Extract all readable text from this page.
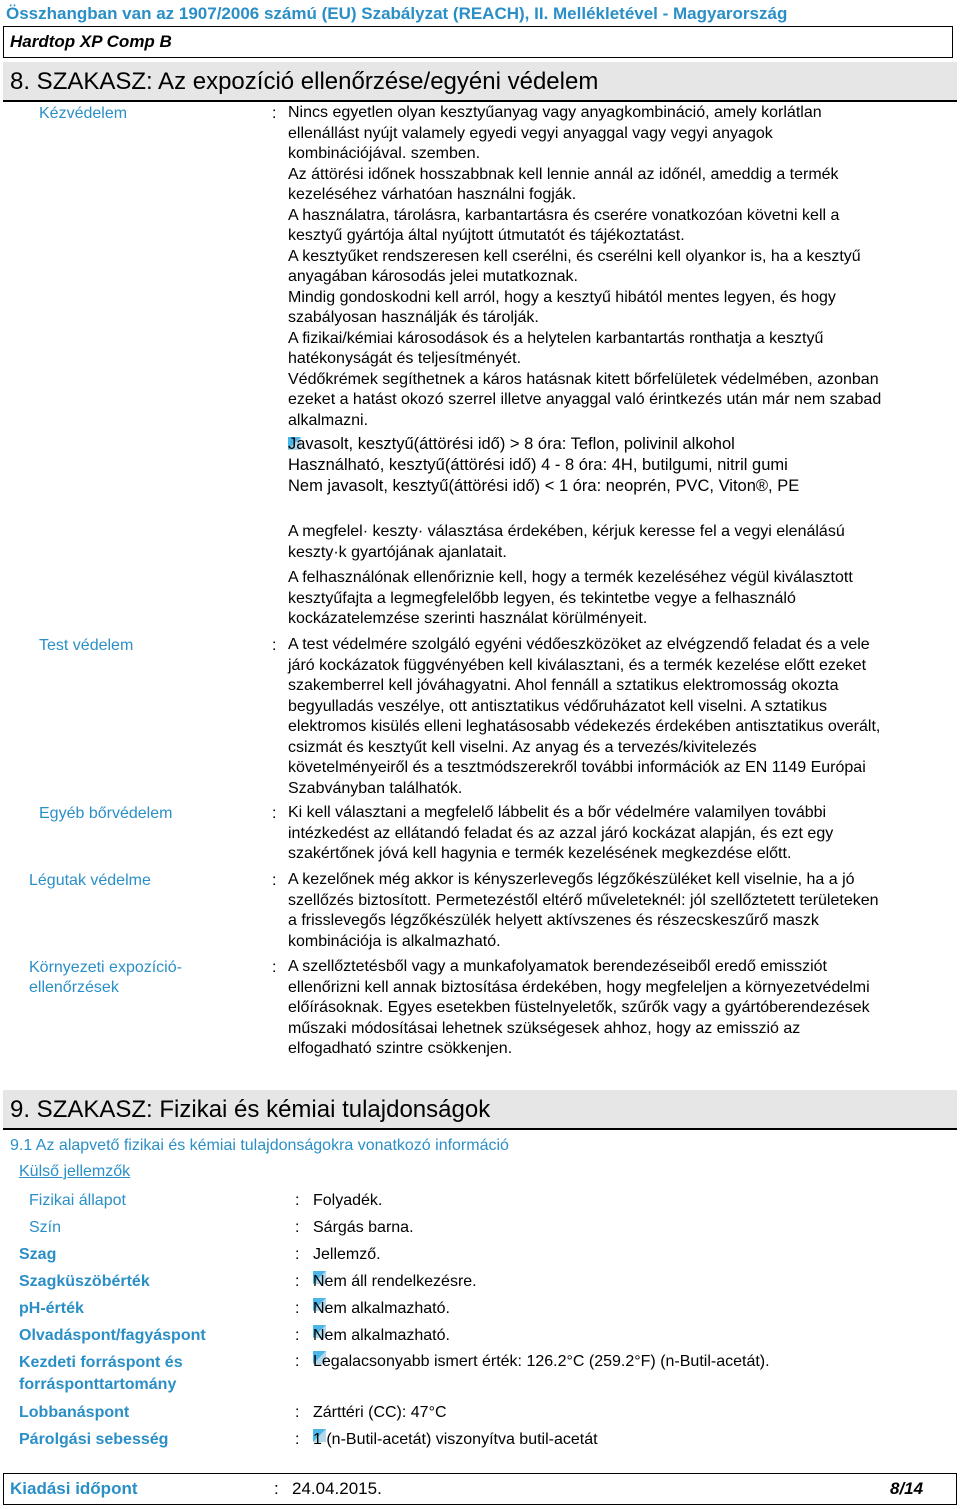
Összhangban van az 1907/2006 számú (EU) Szabályzat (REACH), II. Mellékletével - Magyarország
Hardtop XP Comp B
8. SZAKASZ: Az expozíció ellenőrzése/egyéni védelem
Kézvédelem	: Nincs egyetlen olyan kesztyűanyag vagy anyagkombináció, amely korlátlan
ellenállást nyújt valamely egyedi vegyi anyaggal vagy vegyi anyagok
kombinációjával. szemben.
Az áttörési időnek hosszabbnak kell lennie annál az időnél, ameddig a termék
kezeléséhez várhatóan használni fogják.
A használatra, tárolásra, karbantartásra és cserére vonatkozóan követni kell a
kesztyű gyártója által nyújtott útmutatót és tájékoztatást.
A kesztyűket rendszeresen kell cserélni, és cserélni kell olyankor is, ha a kesztyű
anyagában károsodás jelei mutatkoznak.
Mindig gondoskodni kell arról, hogy a kesztyű hibától mentes legyen, és hogy
szabályosan használják és tárolják.
A fizikai/kémiai károsodások és a helytelen karbantartás ronthatja a kesztyű
hatékonyságát és teljesítményét.
Védőkrémek segíthetnek a káros hatásnak kitett bőrfelületek védelmében, azonban
ezeket a hatást okozó szerrel illetve anyaggal való érintkezés után már nem szabad
alkalmazni.
Javasolt, kesztyű(áttörési idő) > 8 óra: Teflon, polivinil alkohol
Használható, kesztyű(áttörési idő) 4 - 8 óra: 4H, butilgumi, nitril gumi
Nem javasolt, kesztyű(áttörési idő) < 1 óra: neoprén, PVC, Viton®, PE
A megfelel· keszty· választása érdekében, kérjuk keresse fel a vegyi elenálású
keszty·k gyartójának ajanlatait.
A felhasználónak ellenőriznie kell, hogy a termék kezeléséhez végül kiválasztott
kesztyűfajta a legmegfelelőbb legyen, és tekintetbe vegye a felhasználó
kockázatelemzése szerinti használat körülményeit.
Test védelem	: A test védelmére szolgáló egyéni védőeszközöket az elvégzendő feladat és a vele
járó kockázatok függvényében kell kiválasztani, és a termék kezelése előtt ezeket
szakemberrel kell jóváhagyatni. Ahol fennáll a sztatikus elektromosság okozta
begyulladás veszélye, ott antisztatikus védőruházatot kell viselni. A sztatikus
elektromos kisülés elleni leghatásosabb védekezés érdekében antisztatikus overált,
csizmát és kesztyűt kell viselni. Az anyag és a tervezés/kivitelezés
követelményeiről és a tesztmódszerekről további információk az EN 1149 Európai
Szabványban találhatók.
Egyéb bőrvédelem	: Ki kell választani a megfelelő lábbelit és a bőr védelmére valamilyen további
intézkedést az ellátandó feladat és az azzal járó kockázat alapján, és ezt egy
szakértőnek jóvá kell hagynia e termék kezelésének megkezdése előtt.
Légutak védelme	: A kezelőnek még akkor is kényszerlevegős légzőkészüléket kell viselnie, ha a jó
szellőzés biztosított. Permetezéstől eltérő műveleteknél: jól szellőztetett területeken
a frisslevegős légzőkészülék helyett aktívszenes és részecskeszűrő maszk
kombinációja is alkalmazható.
Környezeti expozíció-
ellenőrzések
: A szellőztetésből vagy a munkafolyamatok berendezéseiből eredő emissziót
ellenőrizni kell annak biztosítása érdekében, hogy megfeleljen a környezetvédelmi
előírásoknak. Egyes esetekben füstelnyeletők, szűrők vagy a gyártóberendezések
műszaki módosításai lehetnek szükségesek ahhoz, hogy az emisszió az
elfogadható szintre csökkenjen.
9. SZAKASZ: Fizikai és kémiai tulajdonságok
9.1 Az alapvető fizikai és kémiai tulajdonságokra vonatkozó információ
Külső jellemzők
Fizikai állapot	: Folyadék.
Szín	: Sárgás barna.
Szag	: Jellemző.
Szagküszöbérték	: Nem áll rendelkezésre.
pH-érték	: Nem alkalmazható.
Olvadáspont/fagyáspont	: Nem alkalmazható.
Kezdeti forráspont és
forrásponttartomány
: Legalacsonyabb ismert érték: 126.2°C (259.2°F) (n-Butil-acetát).
Lobbanáspont	: Zárttéri (CC): 47°C
Párolgási sebesség	: 1 (n-Butil-acetát) viszonyítva butil-acetát
Kiadási időpont	: 24.04.2015.	8/14
